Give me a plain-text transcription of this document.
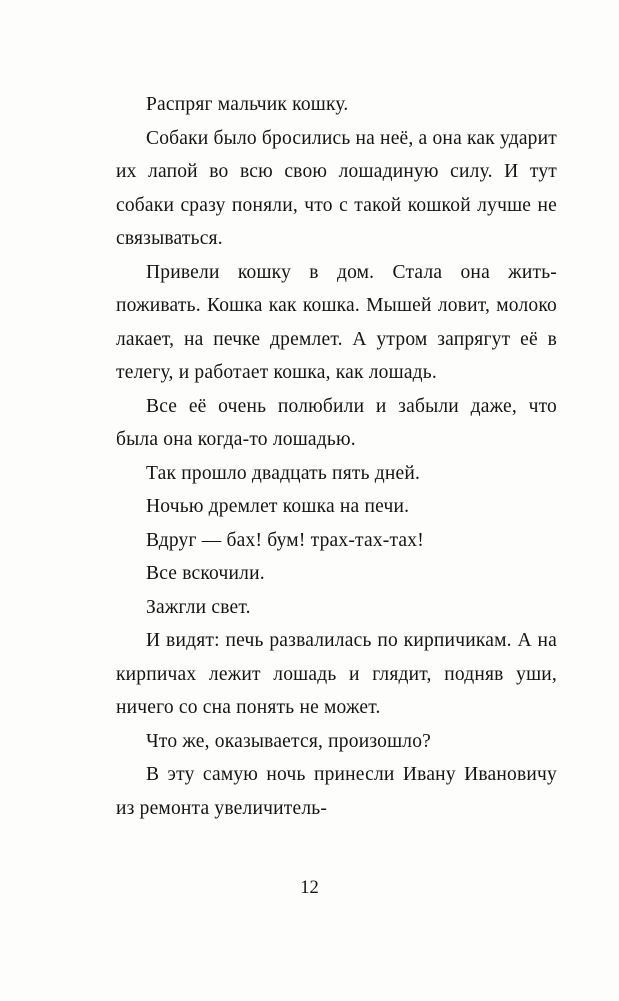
Распряг мальчик кошку.

Собаки было бросились на неё, а она как ударит их лапой во всю свою лошадиную силу. И тут собаки сразу поняли, что с такой кошкой лучше не связываться.

Привели кошку в дом. Стала она жить-поживать. Кошка как кошка. Мышей ловит, молоко лакает, на печке дремлет. А утром запрягут её в телегу, и работает кошка, как лошадь.

Все её очень полюбили и забыли даже, что была она когда-то лошадью.

Так прошло двадцать пять дней.

Ночью дремлет кошка на печи.

Вдруг — бах! бум! трах-тах-тах!

Все вскочили.

Зажгли свет.

И видят: печь развалилась по кирпичикам. А на кирпичах лежит лошадь и глядит, подняв уши, ничего со сна понять не может.

Что же, оказывается, произошло?

В эту самую ночь принесли Ивану Ивановичу из ремонта увеличитель-

12
